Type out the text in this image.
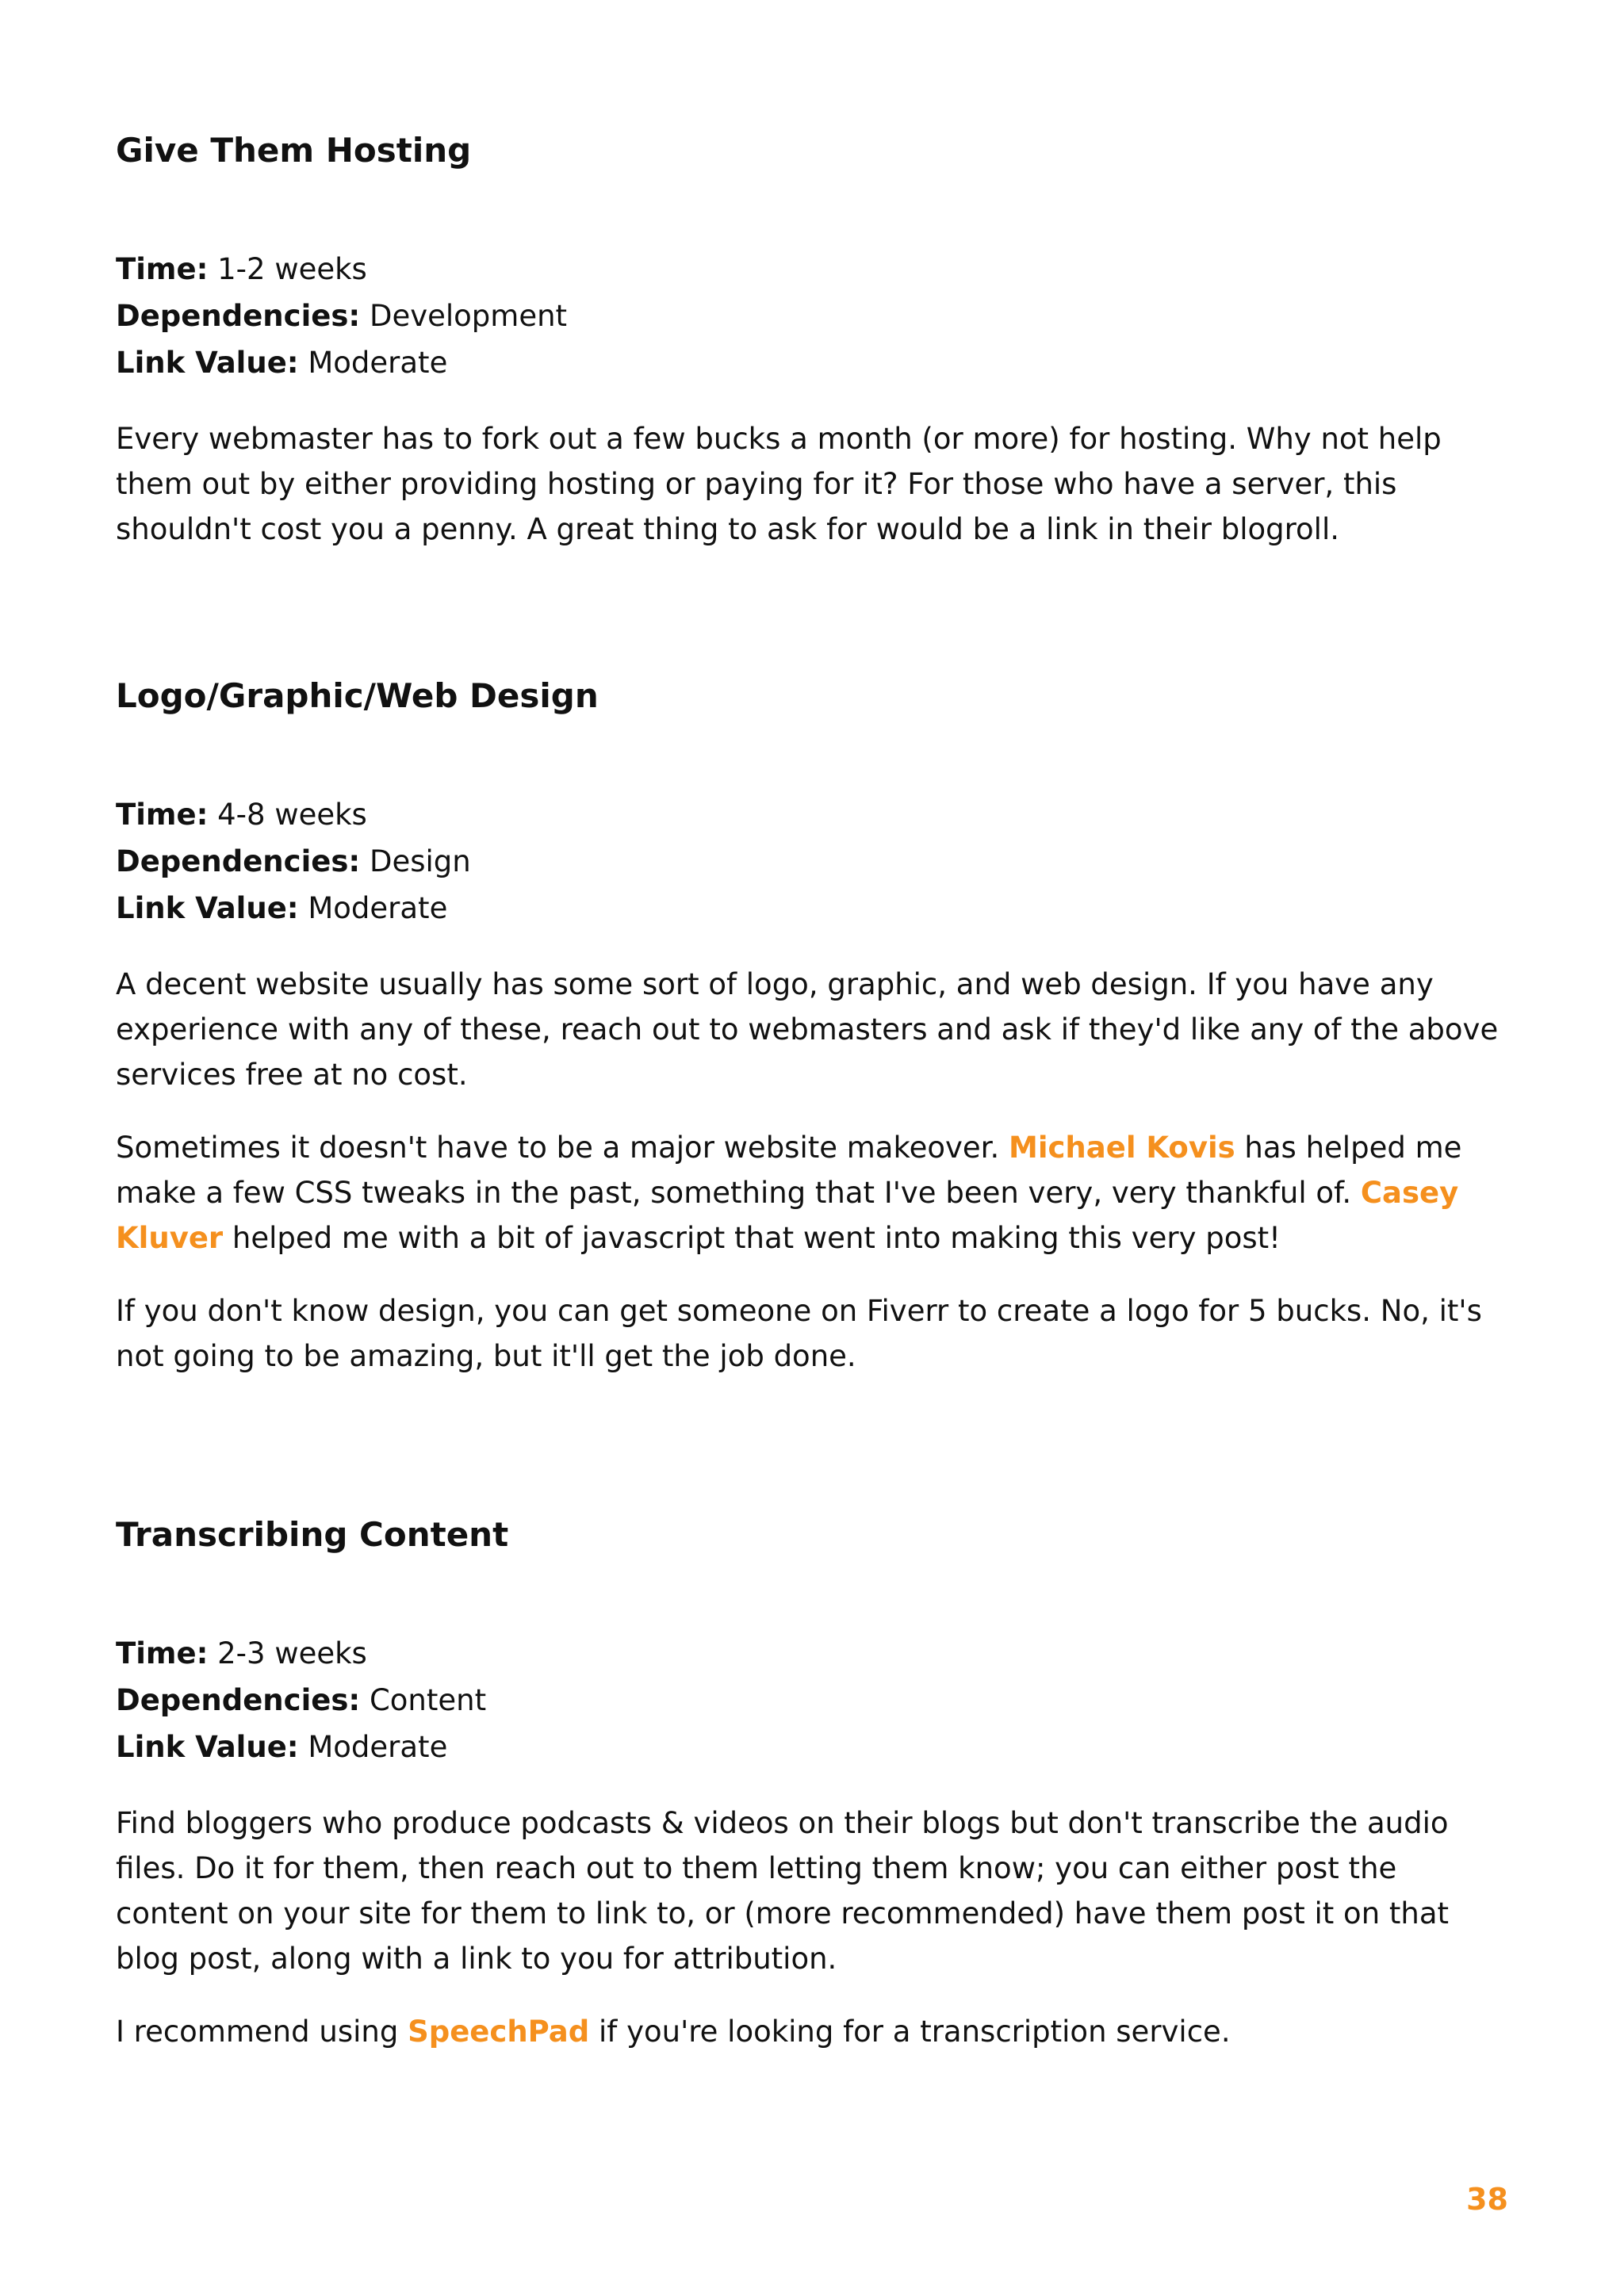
Give Them Hosting
Time: 1-2 weeks
Dependencies: Development
Link Value: Moderate

Every webmaster has to fork out a few bucks a month (or more) for hosting. Why not help them out by either providing hosting or paying for it? For those who have a server, this shouldn't cost you a penny. A great thing to ask for would be a link in their blogroll.

Logo/Graphic/Web Design
Time: 4-8 weeks
Dependencies: Design
Link Value: Moderate

A decent website usually has some sort of logo, graphic, and web design. If you have any experience with any of these, reach out to webmasters and ask if they'd like any of the above services free at no cost.

Sometimes it doesn't have to be a major website makeover. Michael Kovis has helped me make a few CSS tweaks in the past, something that I've been very, very thankful of. Casey Kluver helped me with a bit of javascript that went into making this very post!

If you don't know design, you can get someone on Fiverr to create a logo for 5 bucks. No, it's not going to be amazing, but it'll get the job done.

Transcribing Content
Time: 2-3 weeks
Dependencies: Content
Link Value: Moderate

Find bloggers who produce podcasts & videos on their blogs but don't transcribe the audio files. Do it for them, then reach out to them letting them know; you can either post the content on your site for them to link to, or (more recommended) have them post it on that blog post, along with a link to you for attribution.

I recommend using SpeechPad if you're looking for a transcription service.

38
